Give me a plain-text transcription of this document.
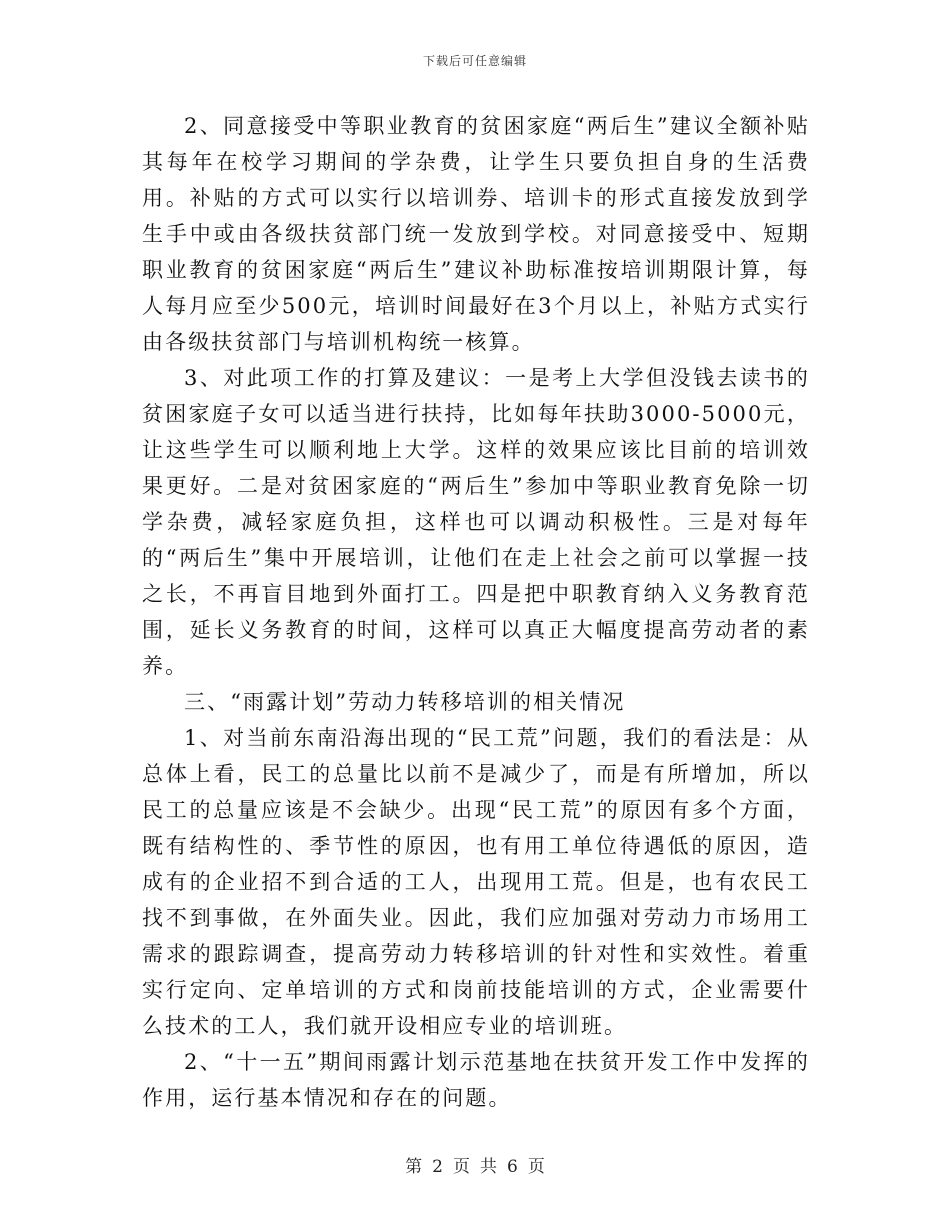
下载后可任意编辑

2、同意接受中等职业教育的贫困家庭“两后生”建议全额补贴其每年在校学习期间的学杂费，让学生只要负担自身的生活费用。补贴的方式可以实行以培训券、培训卡的形式直接发放到学生手中或由各级扶贫部门统一发放到学校。对同意接受中、短期职业教育的贫困家庭“两后生”建议补助标准按培训期限计算，每人每月应至少500元，培训时间最好在3个月以上，补贴方式实行由各级扶贫部门与培训机构统一核算。

3、对此项工作的打算及建议：一是考上大学但没钱去读书的贫困家庭子女可以适当进行扶持，比如每年扶助3000-5000元，让这些学生可以顺利地上大学。这样的效果应该比目前的培训效果更好。二是对贫困家庭的“两后生”参加中等职业教育免除一切学杂费，减轻家庭负担，这样也可以调动积极性。三是对每年的“两后生”集中开展培训，让他们在走上社会之前可以掌握一技之长，不再盲目地到外面打工。四是把中职教育纳入义务教育范围，延长义务教育的时间，这样可以真正大幅度提高劳动者的素养。

三、“雨露计划”劳动力转移培训的相关情况

1、对当前东南沿海出现的“民工荒”问题，我们的看法是：从总体上看，民工的总量比以前不是减少了，而是有所增加，所以民工的总量应该是不会缺少。出现“民工荒”的原因有多个方面，既有结构性的、季节性的原因，也有用工单位待遇低的原因，造成有的企业招不到合适的工人，出现用工荒。但是，也有农民工找不到事做，在外面失业。因此，我们应加强对劳动力市场用工需求的跟踪调查，提高劳动力转移培训的针对性和实效性。着重实行定向、定单培训的方式和岗前技能培训的方式，企业需要什么技术的工人，我们就开设相应专业的培训班。

2、“十一五”期间雨露计划示范基地在扶贫开发工作中发挥的作用，运行基本情况和存在的问题。

第 2 页 共 6 页
